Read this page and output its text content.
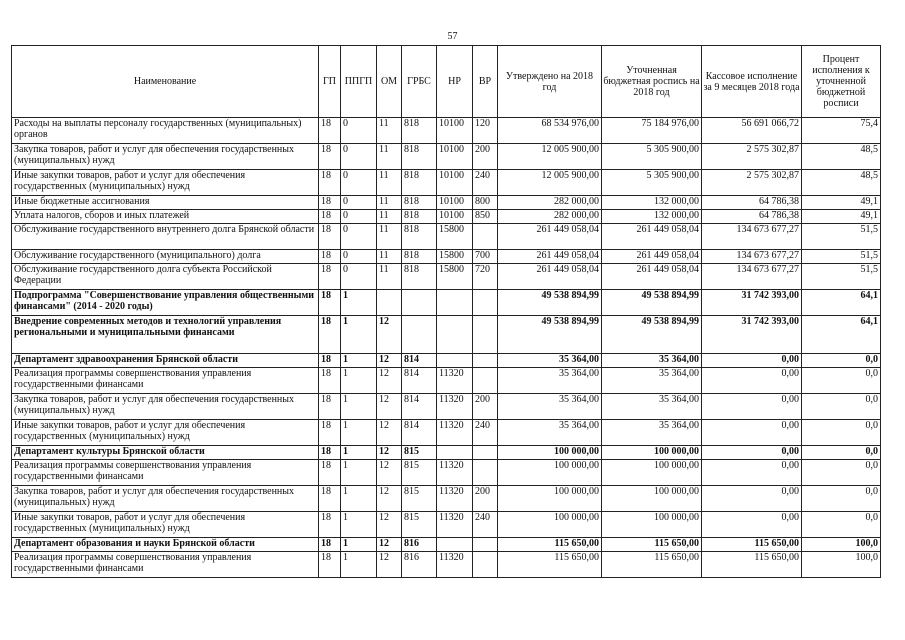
57
Наименование	ГП	ППГП	ОМ	ГРБС	НР	ВР	Утверждено на 2018 год	Уточненная бюджетная роспись на 2018 год	Кассовое исполнение за 9 месяцев 2018 года	Процент исполнения к уточненной бюджетной росписи
Расходы на выплаты персоналу государственных (муниципальных) органов	18	0	11	818	10100	120	68 534 976,00	75 184 976,00	56 691 066,72	75,4
Закупка товаров, работ и услуг для обеспечения государственных (муниципальных) нужд	18	0	11	818	10100	200	12 005 900,00	5 305 900,00	2 575 302,87	48,5
Иные закупки товаров, работ и услуг для обеспечения государственных (муниципальных) нужд	18	0	11	818	10100	240	12 005 900,00	5 305 900,00	2 575 302,87	48,5
Иные бюджетные ассигнования	18	0	11	818	10100	800	282 000,00	132 000,00	64 786,38	49,1
Уплата налогов, сборов и иных платежей	18	0	11	818	10100	850	282 000,00	132 000,00	64 786,38	49,1
Обслуживание государственного внутреннего долга Брянской области	18	0	11	818	15800		261 449 058,04	261 449 058,04	134 673 677,27	51,5
Обслуживание государственного (муниципального) долга	18	0	11	818	15800	700	261 449 058,04	261 449 058,04	134 673 677,27	51,5
Обслуживание государственного долга субъекта Российской Федерации	18	0	11	818	15800	720	261 449 058,04	261 449 058,04	134 673 677,27	51,5
Подпрограмма "Совершенствование управления общественными финансами" (2014 - 2020 годы)	18	1					49 538 894,99	49 538 894,99	31 742 393,00	64,1
Внедрение современных методов и технологий управления региональными и муниципальными финансами	18	1	12				49 538 894,99	49 538 894,99	31 742 393,00	64,1
Департамент здравоохранения Брянской области	18	1	12	814			35 364,00	35 364,00	0,00	0,0
Реализация программы совершенствования управления государственными финансами	18	1	12	814	11320		35 364,00	35 364,00	0,00	0,0
Закупка товаров, работ и услуг для обеспечения государственных (муниципальных) нужд	18	1	12	814	11320	200	35 364,00	35 364,00	0,00	0,0
Иные закупки товаров, работ и услуг для обеспечения государственных (муниципальных) нужд	18	1	12	814	11320	240	35 364,00	35 364,00	0,00	0,0
Департамент культуры Брянской области	18	1	12	815			100 000,00	100 000,00	0,00	0,0
Реализация программы совершенствования управления государственными финансами	18	1	12	815	11320		100 000,00	100 000,00	0,00	0,0
Закупка товаров, работ и услуг для обеспечения государственных (муниципальных) нужд	18	1	12	815	11320	200	100 000,00	100 000,00	0,00	0,0
Иные закупки товаров, работ и услуг для обеспечения государственных (муниципальных) нужд	18	1	12	815	11320	240	100 000,00	100 000,00	0,00	0,0
Департамент образования и науки Брянской области	18	1	12	816			115 650,00	115 650,00	115 650,00	100,0
Реализация программы совершенствования управления государственными финансами	18	1	12	816	11320		115 650,00	115 650,00	115 650,00	100,0
